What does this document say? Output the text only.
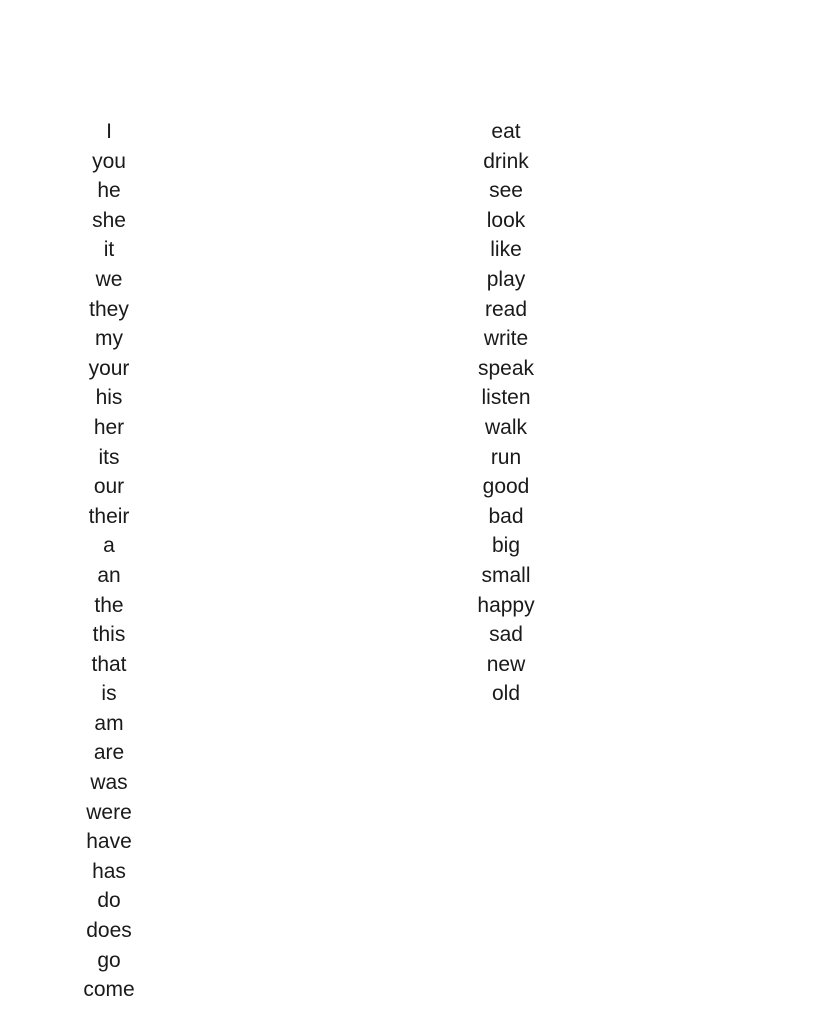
I
you
he
she
it
we
they
my
your
his
her
its
our
their
a
an
the
this
that
is
am
are
was
were
have
has
do
does
go
come
eat
drink
see
look
like
play
read
write
speak
listen
walk
run
good
bad
big
small
happy
sad
new
old
